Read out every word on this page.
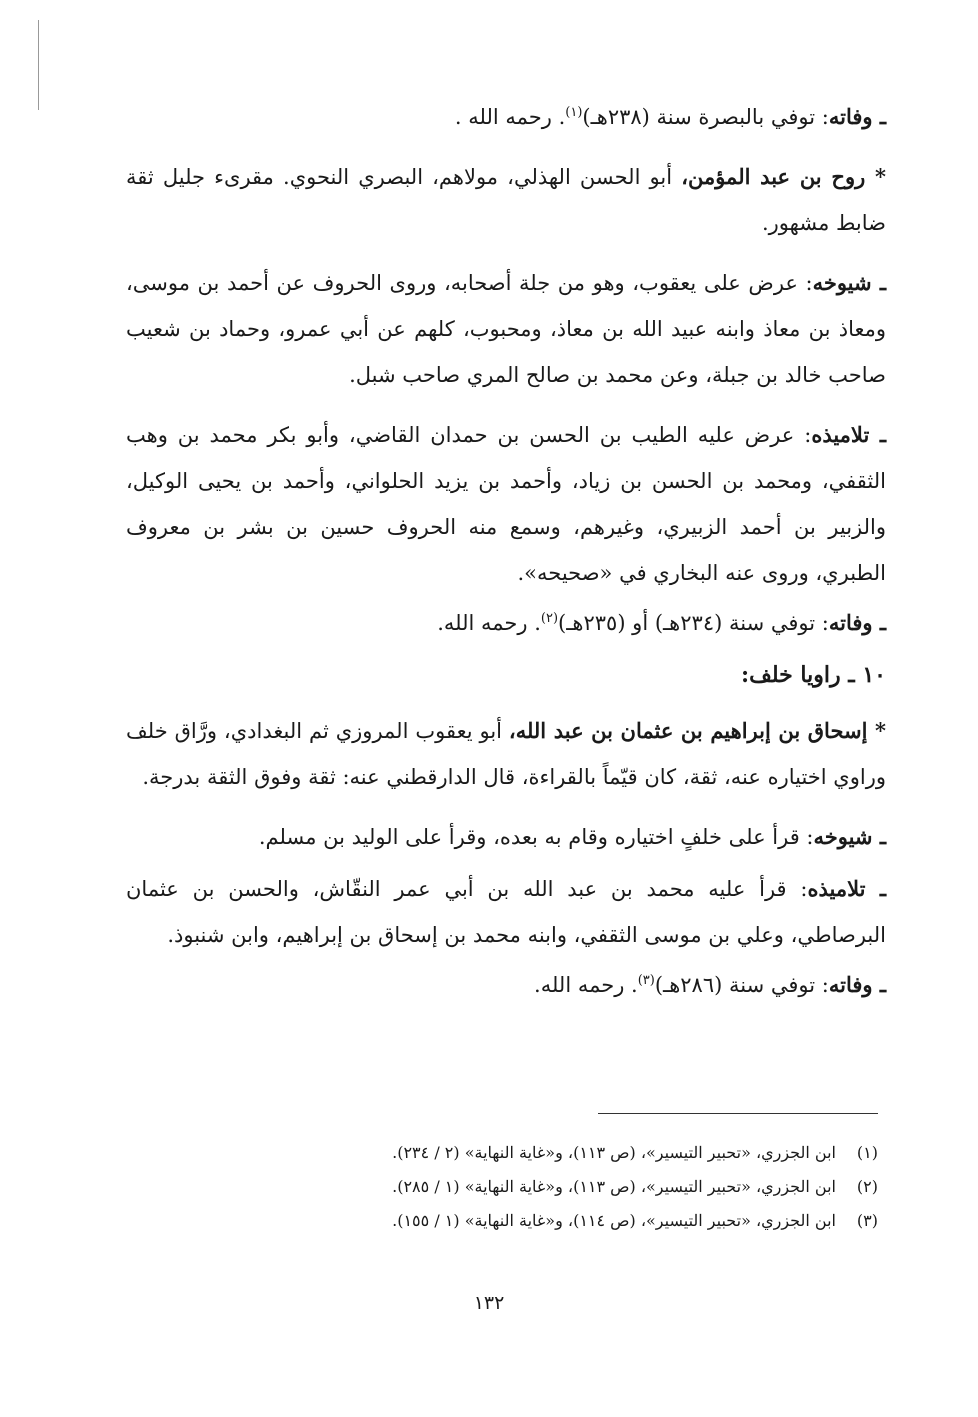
ـ وفاته: توفي بالبصرة سنة (٢٣٨هـ)$^{(١)}$. رحمه الله .

* روح بن عبد المؤمن، أبو الحسن الهذلي، مولاهم، البصري النحوي. مقرىء جليل ثقة ضابط مشهور.

ـ شيوخه: عرض على يعقوب، وهو من جلة أصحابه، وروى الحروف عن أحمد بن موسى، ومعاذ بن معاذ وابنه عبيد الله بن معاذ، ومحبوب، كلهم عن أبي عمرو، وحماد بن شعيب صاحب خالد بن جبلة، وعن محمد بن صالح المري صاحب شبل.

ـ تلاميذه: عرض عليه الطيب بن الحسن بن حمدان القاضي، وأبو بكر محمد بن وهب الثقفي، ومحمد بن الحسن بن زياد، وأحمد بن يزيد الحلواني، وأحمد بن يحيى الوكيل، والزبير بن أحمد الزبيري، وغيرهم، وسمع منه الحروف حسين بن بشر بن معروف الطبري، وروى عنه البخاري في «صحيحه».

ـ وفاته: توفي سنة (٢٣٤هـ) أو (٢٣٥هـ)$^{(٢)}$. رحمه الله.

١٠ ـ راويا خلف:

* إسحاق بن إبراهيم بن عثمان بن عبد الله، أبو يعقوب المروزي ثم البغدادي، ورَّاق خلف وراوي اختياره عنه، ثقة، كان قيّماً بالقراءة، قال الدارقطني عنه: ثقة وفوق الثقة بدرجة.

ـ شيوخه: قرأ على خلفٍ اختياره وقام به بعده، وقرأ على الوليد بن مسلم.

ـ تلاميذه: قرأ عليه محمد بن عبد الله بن أبي عمر النقّاش، والحسن بن عثمان البرصاطي، وعلي بن موسى الثقفي، وابنه محمد بن إسحاق بن إبراهيم، وابن شنبوذ.

ـ وفاته: توفي سنة (٢٨٦هـ)$^{(٣)}$. رحمه الله.

(١)ابن الجزري، «تحبير التيسير»، (ص ١١٣)، و«غاية النهاية» (٢ / ٢٣٤).
(٢)ابن الجزري، «تحبير التيسير»، (ص ١١٣)، و«غاية النهاية» (١ / ٢٨٥).
(٣)ابن الجزري، «تحبير التيسير»، (ص ١١٤)، و«غاية النهاية» (١ / ١٥٥).
١٣٢
